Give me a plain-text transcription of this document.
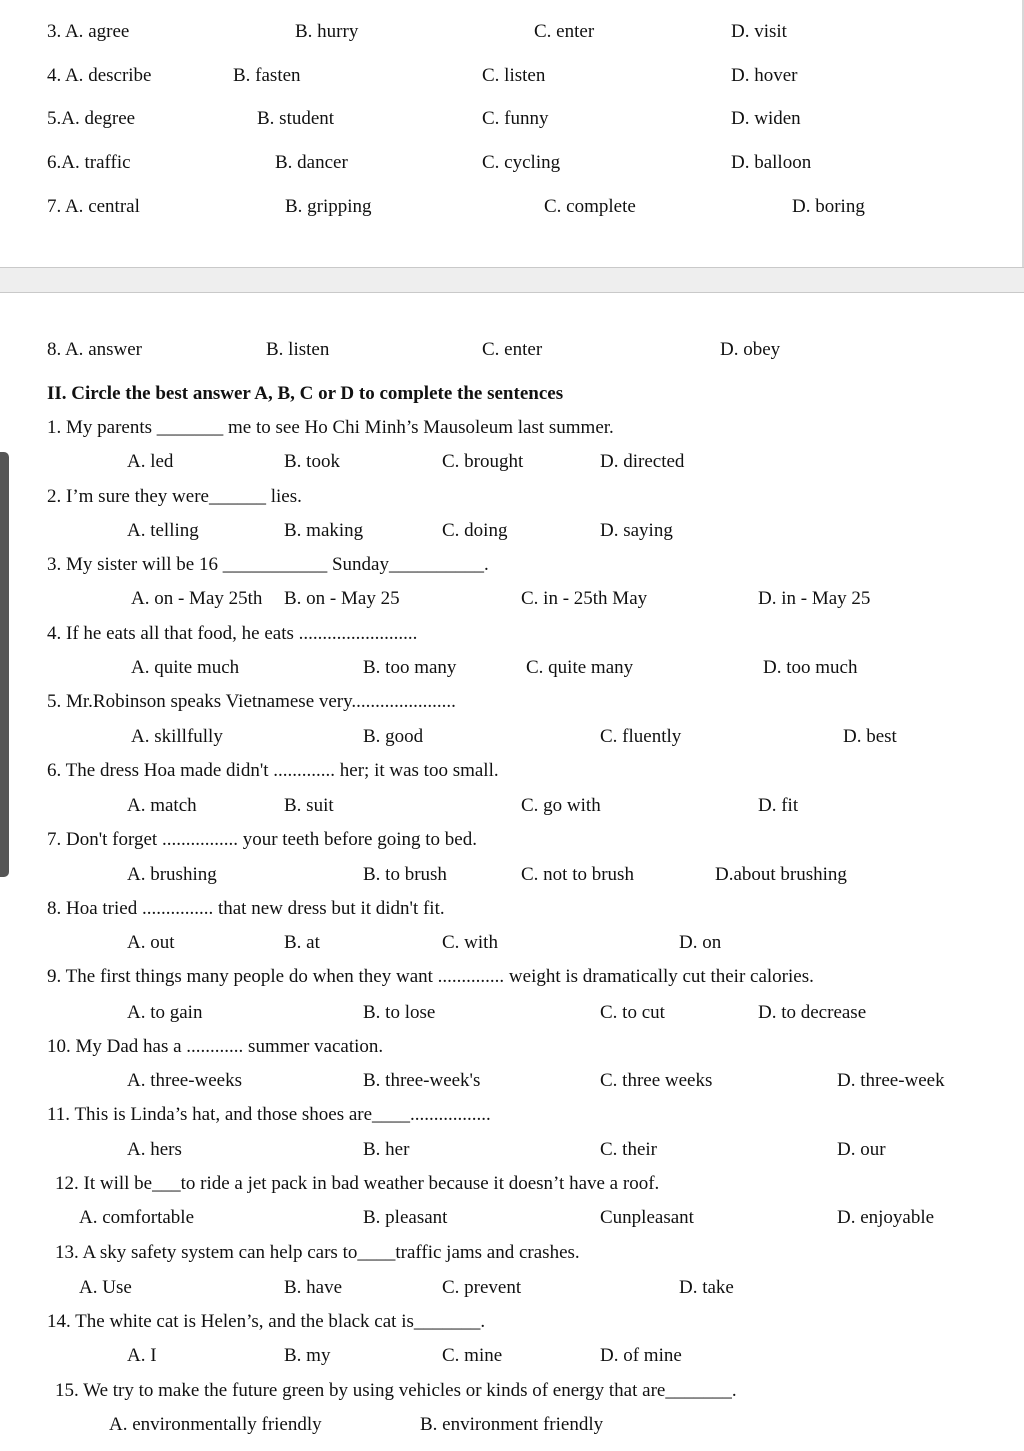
3. A. agree	B. hurry	C. enter	D. visit
4. A. describe	B. fasten	C. listen	D. hover
5.A. degree	B. student	C. funny	D. widen
6.A. traffic	B. dancer	C. cycling	D. balloon
7. A. central	B. gripping	C. complete	D. boring
8. A. answer	B. listen	C. enter	D. obey
II. Circle the best answer A, B, C or D to complete the sentences
1. My parents _______ me to see Ho Chi Minh’s Mausoleum last summer.
A. led	B. took	C. brought	D. directed
2. I’m sure they were______ lies.
A. telling	B. making	C. doing	D. saying
3. My sister will be 16 ___________ Sunday__________.
A. on - May 25th B. on - May 25	C. in - 25th May	D. in - May 25
4. If he eats all that food, he eats .........................
A. quite much	B. too many	C. quite many	D. too much
5. Mr.Robinson speaks Vietnamese very......................
A. skillfully	B. good	C. fluently	D. best
6. The dress Hoa made didn't ............. her; it was too small.
A. match	B. suit	C. go with	D. fit
7. Don't forget ................ your teeth before going to bed.
A. brushing	B. to brush	C. not to brush	D.about brushing
8. Hoa tried ............... that new dress but it didn't fit.
A. out	B. at	C. with	D. on
9. The first things many people do when they want .............. weight is dramatically cut their calories.
A. to gain	B. to lose	C. to cut	D. to decrease
10. My Dad has a ............ summer vacation.
A. three-weeks	B. three-week's	C. three weeks	D. three-week
11. This is Linda’s hat, and those shoes are____.................
A. hers	B. her	C. their	D. our
12. It will be___to ride a jet pack in bad weather because it doesn’t have a roof.
A. comfortable	B. pleasant	Cunpleasant	D. enjoyable
13. A sky safety system can help cars to____traffic jams and crashes.
A. Use	B. have	C. prevent	D. take
14. The white cat is Helen’s, and the black cat is_______.
A. I	B. my	C. mine	D. of mine
15. We try to make the future green by using vehicles or kinds of energy that are_______.
A. environmentally friendly	B. environment friendly
